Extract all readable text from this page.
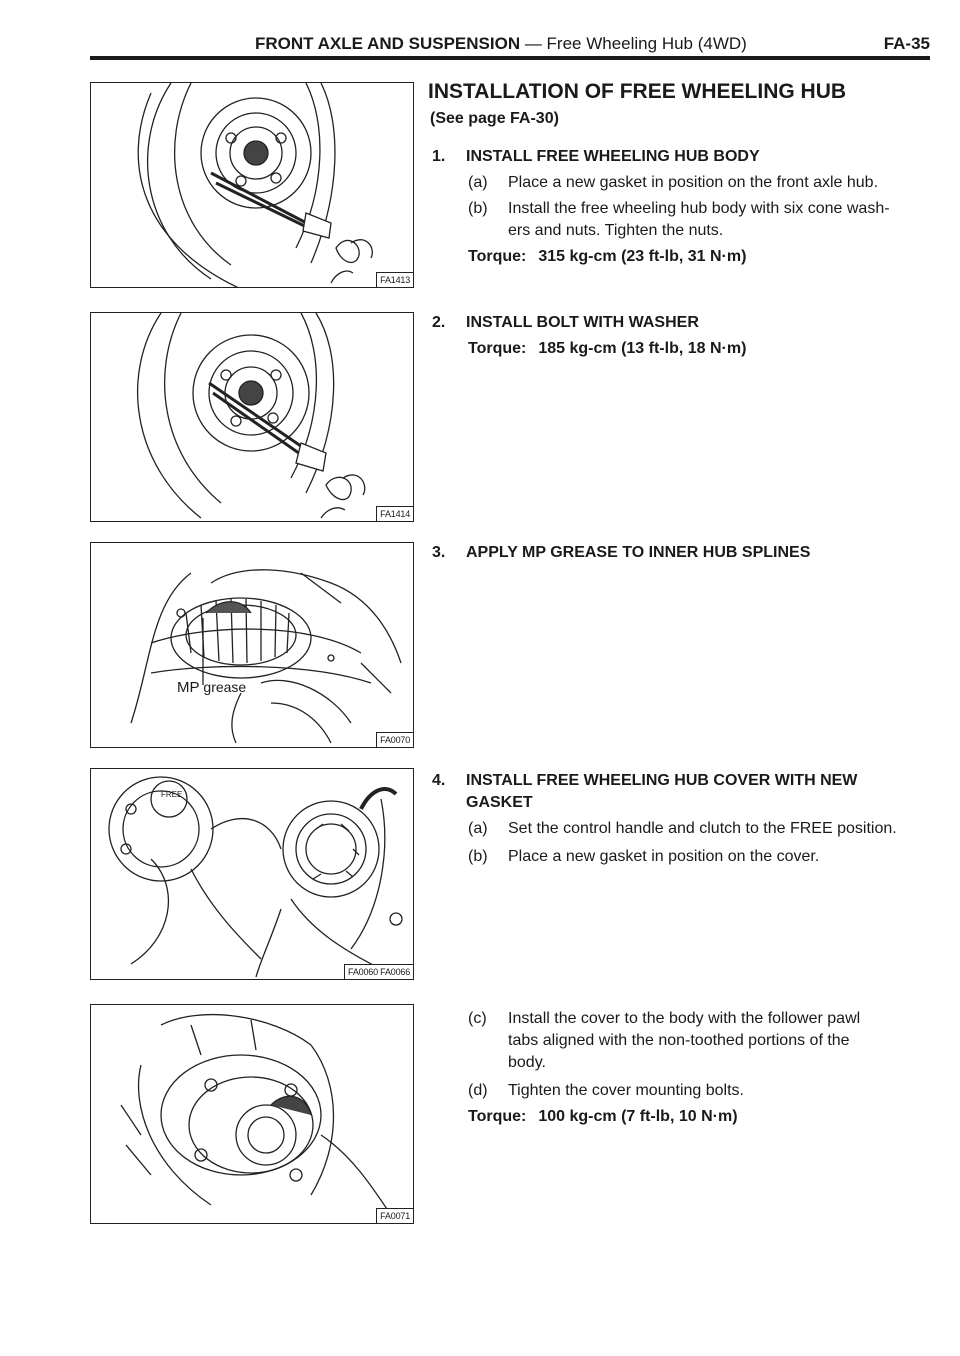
FRONT AXLE AND SUSPENSION — Free Wheeling Hub (4WD)	FA-35
FA1413
FA1414
MP grease
FA0070
FREE
FA0060 FA0066
FA0071
INSTALLATION OF FREE WHEELING HUB
(See page FA-30)
1. INSTALL FREE WHEELING HUB BODY
(a) Place a new gasket in position on the front axle hub.
(b) Install the free wheeling hub body with six cone wash-
ers and nuts. Tighten the nuts.
Torque: 315 kg-cm (23 ft-lb, 31 N·m)
2. INSTALL BOLT WITH WASHER
Torque: 185 kg-cm (13 ft-lb, 18 N·m)
3. APPLY MP GREASE TO INNER HUB SPLINES
4. INSTALL FREE WHEELING HUB COVER WITH NEW
GASKET
(a) Set the control handle and clutch to the FREE position.
(b) Place a new gasket in position on the cover.
(c) Install the cover to the body with the follower pawl
tabs aligned with the non-toothed portions of the
body.
(d) Tighten the cover mounting bolts.
Torque: 100 kg-cm (7 ft-lb, 10 N·m)
